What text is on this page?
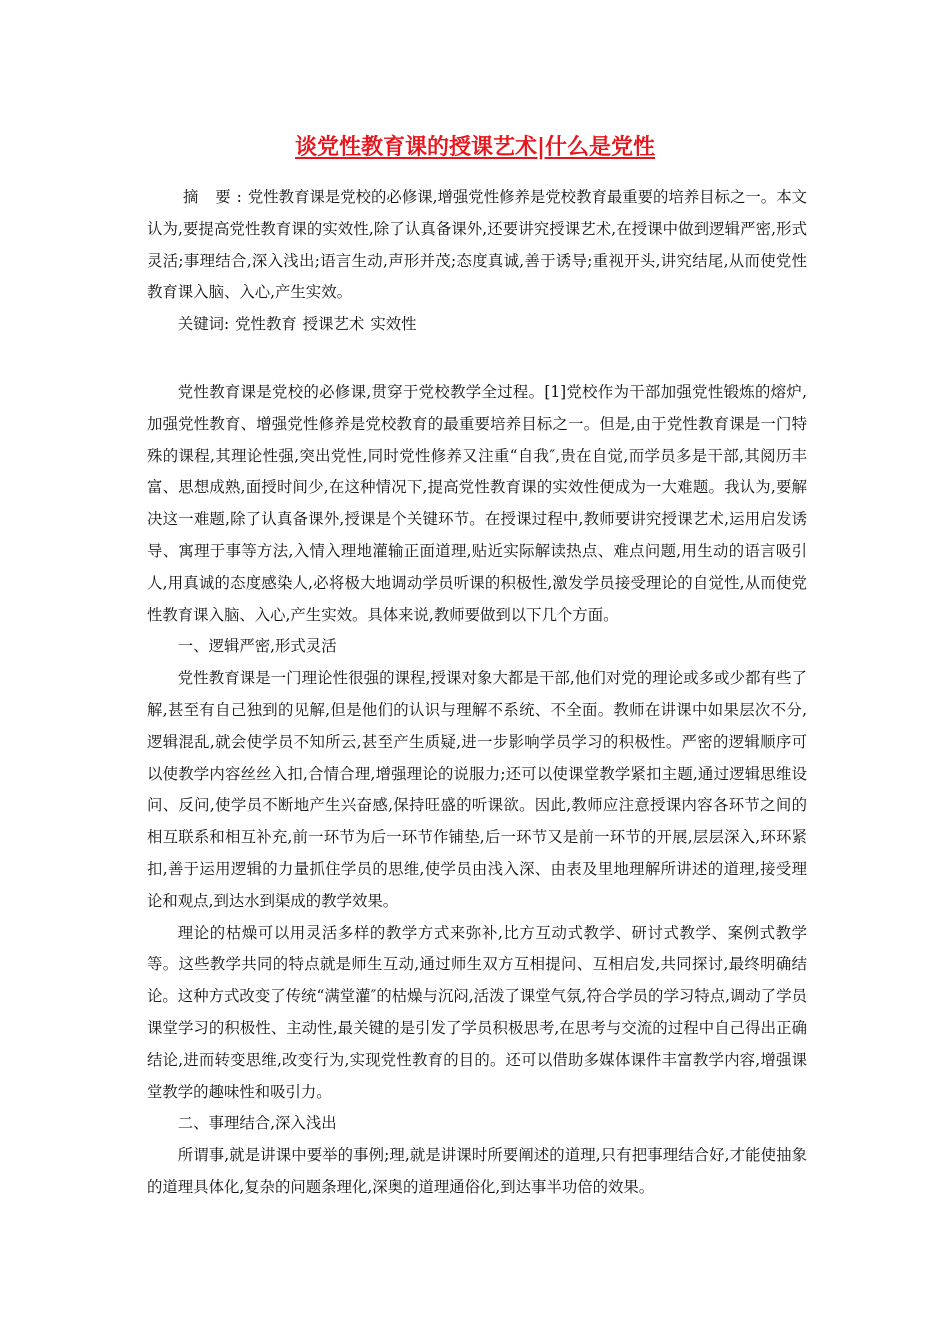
谈党性教育课的授课艺术|什么是党性

摘 要:党性教育课是党校的必修课,增强党性修养是党校教育最重要的培养目标之一。本文认为,要提高党性教育课的实效性,除了认真备课外,还要讲究授课艺术,在授课中做到逻辑严密,形式灵活;事理结合,深入浅出;语言生动,声形并茂;态度真诚,善于诱导;重视开头,讲究结尾,从而使党性教育课入脑、入心,产生实效。

关键词: 党性教育 授课艺术 实效性

党性教育课是党校的必修课,贯穿于党校教学全过程。[1]党校作为干部加强党性锻炼的熔炉,加强党性教育、增强党性修养是党校教育的最重要培养目标之一。但是,由于党性教育课是一门特殊的课程,其理论性强,突出党性,同时党性修养又注重“自我″,贵在自觉,而学员多是干部,其阅历丰富、思想成熟,面授时间少,在这种情况下,提高党性教育课的实效性便成为一大难题。我认为,要解决这一难题,除了认真备课外,授课是个关键环节。在授课过程中,教师要讲究授课艺术,运用启发诱导、寓理于事等方法,入情入理地灌输正面道理,贴近实际解读热点、难点问题,用生动的语言吸引人,用真诚的态度感染人,必将极大地调动学员听课的积极性,激发学员接受理论的自觉性,从而使党性教育课入脑、入心,产生实效。具体来说,教师要做到以下几个方面。

一、逻辑严密,形式灵活

党性教育课是一门理论性很强的课程,授课对象大都是干部,他们对党的理论或多或少都有些了解,甚至有自己独到的见解,但是他们的认识与理解不系统、不全面。教师在讲课中如果层次不分,逻辑混乱,就会使学员不知所云,甚至产生质疑,进一步影响学员学习的积极性。严密的逻辑顺序可以使教学内容丝丝入扣,合情合理,增强理论的说服力;还可以使课堂教学紧扣主题,通过逻辑思维设问、反问,使学员不断地产生兴奋感,保持旺盛的听课欲。因此,教师应注意授课内容各环节之间的相互联系和相互补充,前一环节为后一环节作铺垫,后一环节又是前一环节的开展,层层深入,环环紧扣,善于运用逻辑的力量抓住学员的思维,使学员由浅入深、由表及里地理解所讲述的道理,接受理论和观点,到达水到渠成的教学效果。

理论的枯燥可以用灵活多样的教学方式来弥补,比方互动式教学、研讨式教学、案例式教学等。这些教学共同的特点就是师生互动,通过师生双方互相提问、互相启发,共同探讨,最终明确结论。这种方式改变了传统“满堂灌″的枯燥与沉闷,活泼了课堂气氛,符合学员的学习特点,调动了学员课堂学习的积极性、主动性,最关键的是引发了学员积极思考,在思考与交流的过程中自己得出正确结论,进而转变思维,改变行为,实现党性教育的目的。还可以借助多媒体课件丰富教学内容,增强课堂教学的趣味性和吸引力。

二、事理结合,深入浅出

所谓事,就是讲课中要举的事例;理,就是讲课时所要阐述的道理,只有把事理结合好,才能使抽象的道理具体化,复杂的问题条理化,深奥的道理通俗化,到达事半功倍的效果。
